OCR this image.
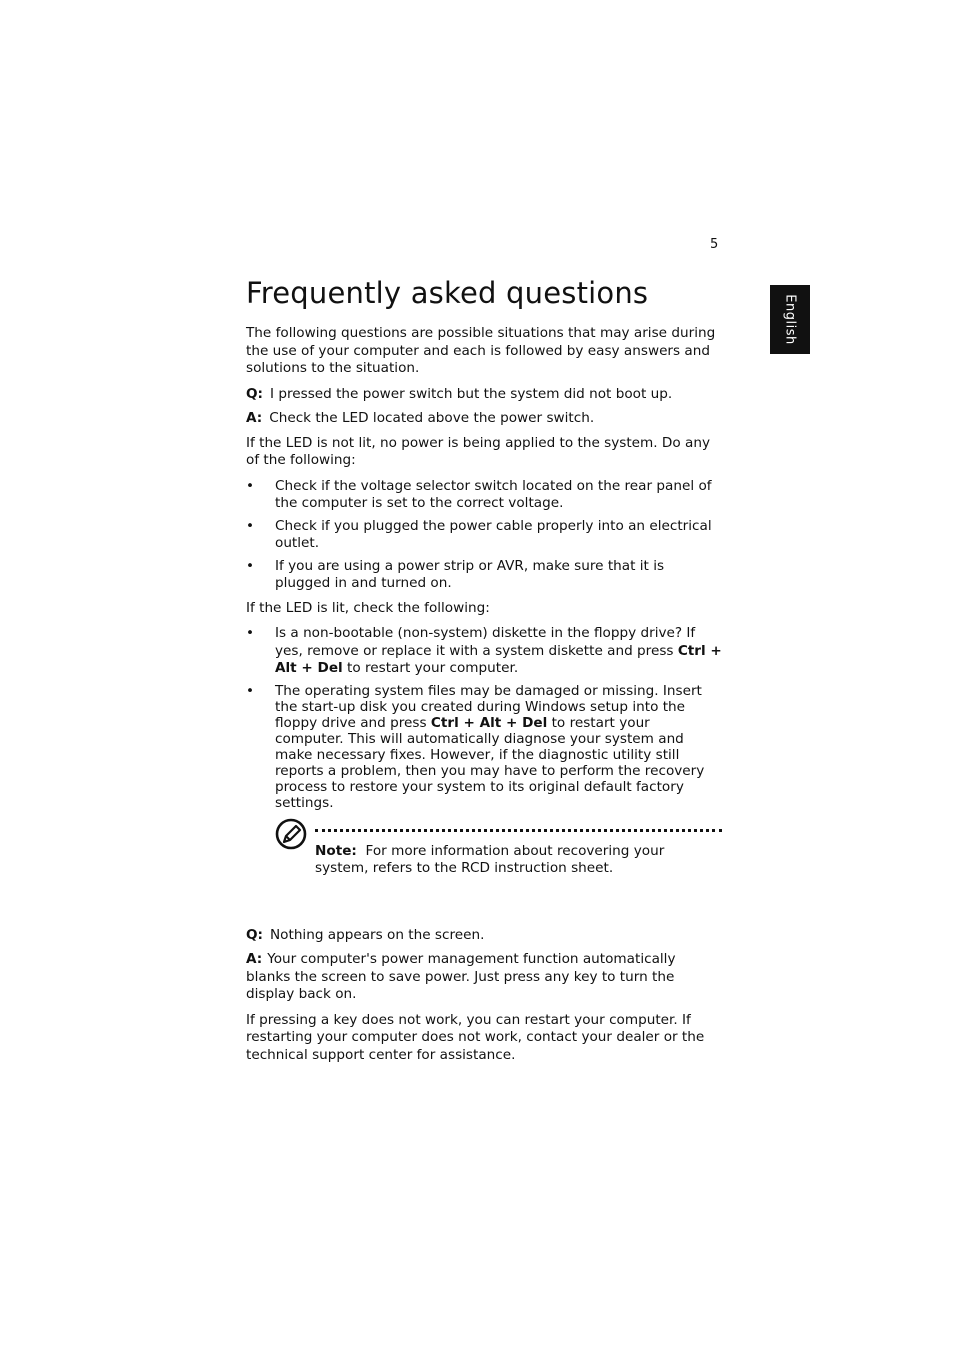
5
English
Frequently asked questions

The following questions are possible situations that may arise during the use of your computer and each is followed by easy answers and solutions to the situation.

Q: I pressed the power switch but the system did not boot up.
A: Check the LED located above the power switch.

If the LED is not lit, no power is being applied to the system. Do any of the following:

• Check if the voltage selector switch located on the rear panel of the computer is set to the correct voltage.
• Check if you plugged the power cable properly into an electrical outlet.
• If you are using a power strip or AVR, make sure that it is plugged in and turned on.

If the LED is lit, check the following:

• Is a non-bootable (non-system) diskette in the floppy drive? If yes, remove or replace it with a system diskette and press Ctrl + Alt + Del to restart your computer.
• The operating system files may be damaged or missing. Insert the start-up disk you created during Windows setup into the floppy drive and press Ctrl + Alt + Del to restart your computer. This will automatically diagnose your system and make necessary fixes. However, if the diagnostic utility still reports a problem, then you may have to perform the recovery process to restore your system to its original default factory settings.
Note: For more information about recovering your system, refers to the RCD instruction sheet.
Q: Nothing appears on the screen.

A: Your computer's power management function automatically blanks the screen to save power. Just press any key to turn the display back on.

If pressing a key does not work, you can restart your computer. If restarting your computer does not work, contact your dealer or the technical support center for assistance.
